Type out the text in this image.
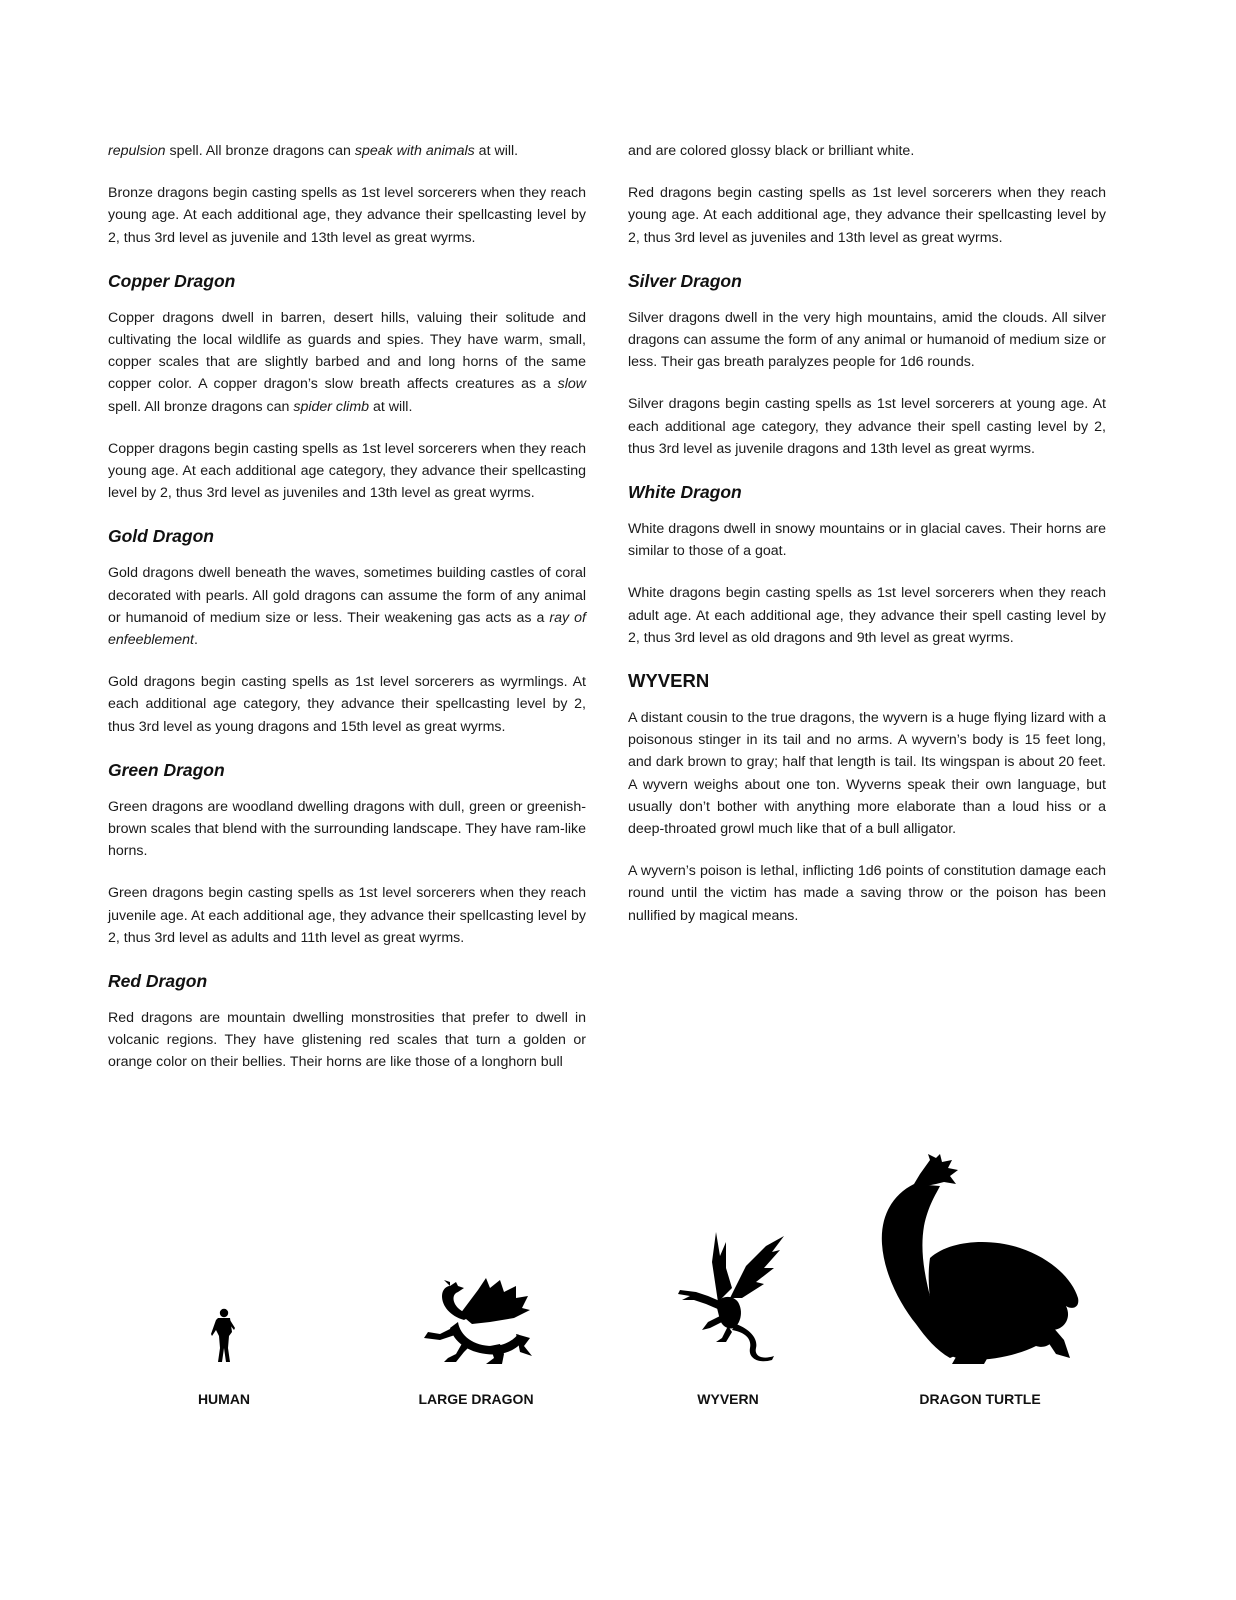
repulsion spell. All bronze dragons can speak with animals at will.

Bronze dragons begin casting spells as 1st level sorcerers when they reach young age. At each additional age, they advance their spellcasting level by 2, thus 3rd level as juvenile and 13th level as great wyrms.

Copper Dragon

Copper dragons dwell in barren, desert hills, valuing their solitude and cultivating the local wildlife as guards and spies. They have warm, small, copper scales that are slightly barbed and and long horns of the same copper color. A copper dragon’s slow breath affects creatures as a slow spell. All bronze dragons can spider climb at will.

Copper dragons begin casting spells as 1st level sorcerers when they reach young age. At each additional age category, they advance their spellcasting level by 2, thus 3rd level as juveniles and 13th level as great wyrms.

Gold Dragon

Gold dragons dwell beneath the waves, sometimes building castles of coral decorated with pearls. All gold dragons can assume the form of any animal or humanoid of medium size or less. Their weakening gas acts as a ray of enfeeblement.

Gold dragons begin casting spells as 1st level sorcerers as wyrmlings. At each additional age category, they advance their spellcasting level by 2, thus 3rd level as young dragons and 15th level as great wyrms.

Green Dragon

Green dragons are woodland dwelling dragons with dull, green or greenish-brown scales that blend with the surrounding landscape. They have ram-like horns.

Green dragons begin casting spells as 1st level sorcerers when they reach juvenile age. At each additional age, they advance their spellcasting level by 2, thus 3rd level as adults and 11th level as great wyrms.

Red Dragon

Red dragons are mountain dwelling monstrosities that prefer to dwell in volcanic regions. They have glistening red scales that turn a golden or orange color on their bellies. Their horns are like those of a longhorn bull

and are colored glossy black or brilliant white.

Red dragons begin casting spells as 1st level sorcerers when they reach young age. At each additional age, they advance their spellcasting level by 2, thus 3rd level as juveniles and 13th level as great wyrms.

Silver Dragon

Silver dragons dwell in the very high mountains, amid the clouds. All silver dragons can assume the form of any animal or humanoid of medium size or less. Their gas breath paralyzes people for 1d6 rounds.

Silver dragons begin casting spells as 1st level sorcerers at young age. At each additional age category, they advance their spell casting level by 2, thus 3rd level as juvenile dragons and 13th level as great wyrms.

White Dragon

White dragons dwell in snowy mountains or in glacial caves. Their horns are similar to those of a goat.

White dragons begin casting spells as 1st level sorcerers when they reach adult age. At each additional age, they advance their spell casting level by 2, thus 3rd level as old dragons and 9th level as great wyrms.

WYVERN

A distant cousin to the true dragons, the wyvern is a huge flying lizard with a poisonous stinger in its tail and no arms. A wyvern’s body is 15 feet long, and dark brown to gray; half that length is tail. Its wingspan is about 20 feet. A wyvern weighs about one ton. Wyverns speak their own language, but usually don’t bother with anything more elaborate than a loud hiss or a deep-throated growl much like that of a bull alligator.

A wyvern’s poison is lethal, inflicting 1d6 points of constitution damage each round until the victim has made a saving throw or the poison has been nullified by magical means.

HUMAN	LARGE DRAGON	WYVERN	DRAGON TURTLE
